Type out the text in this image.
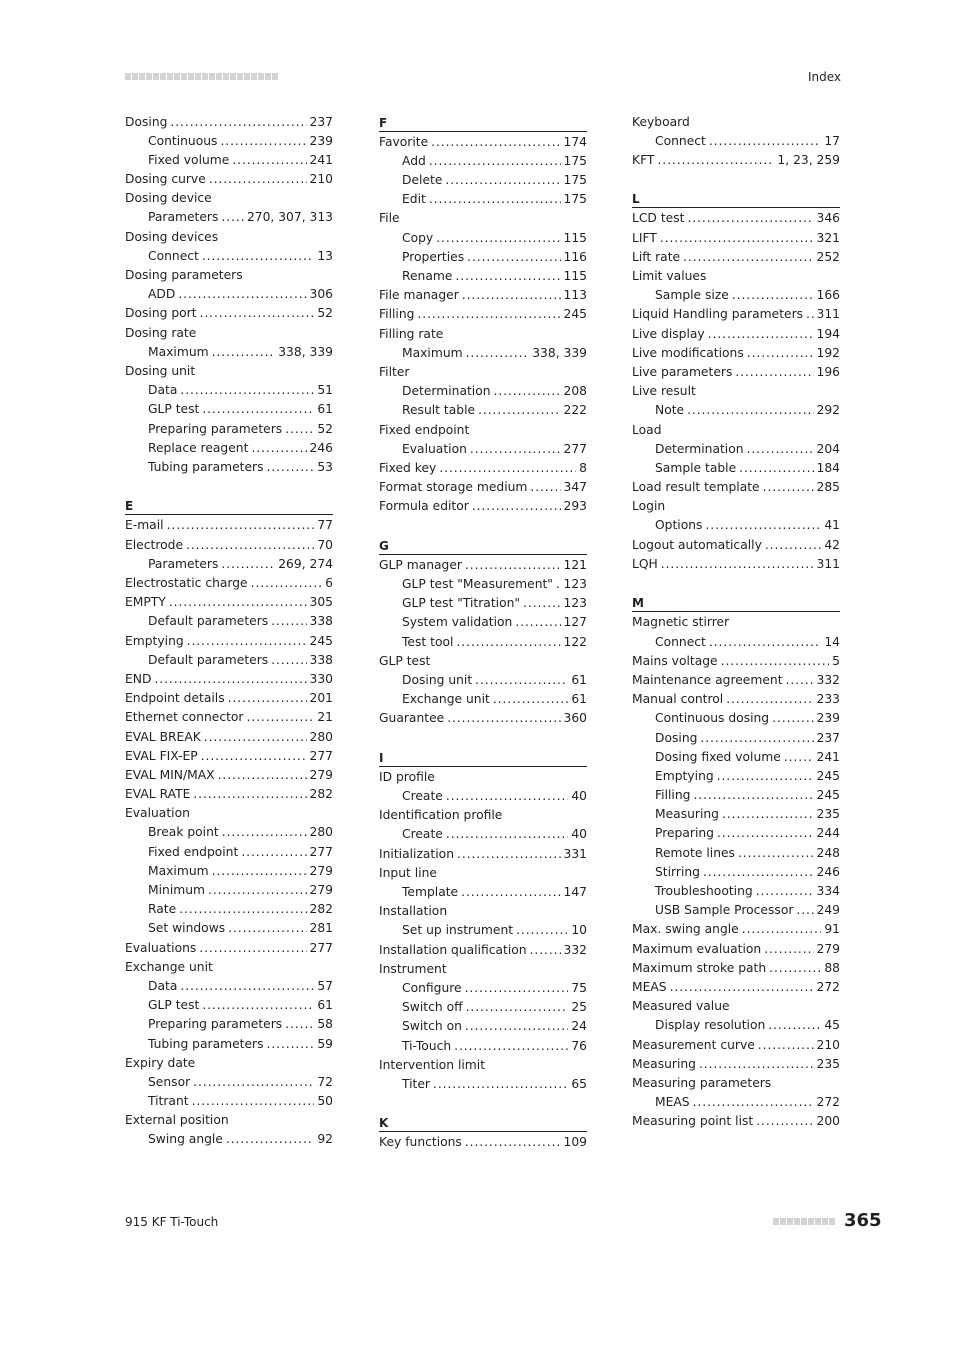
Index
Dosing . . .	237
Continuous . . .	239
Fixed volume . . .	241
Dosing curve . . .	210
Dosing device
Parameters . . . 270, 307, 313
Dosing devices
Connect . . .	13
Dosing parameters
ADD . . .	306
Dosing port . . .	52
Dosing rate
Maximum . . .	338, 339
Dosing unit
Data . . .	51
GLP test . . .	61
Preparing parameters . . .	52
Replace reagent . . .	246
Tubing parameters . . .	53
E
E-mail . . .	77
Electrode . . .	70
Parameters . . .	269, 274
Electrostatic charge . . .	6
EMPTY . . .	305
Default parameters . . .	338
Emptying . . .	245
Default parameters . . .	338
END . . .	330
Endpoint details . . .	201
Ethernet connector . . .	21
EVAL BREAK . . .	280
EVAL FIX-EP . . .	277
EVAL MIN/MAX . . .	279
EVAL RATE . . .	282
Evaluation
Break point . . .	280
Fixed endpoint . . .	277
Maximum . . .	279
Minimum . . .	279
Rate . . .	282
Set windows . . .	281
Evaluations . . .	277
Exchange unit
Data . . .	57
GLP test . . .	61
Preparing parameters . . .	58
Tubing parameters . . .	59
Expiry date
Sensor . . .	72
Titrant . . .	50
External position
Swing angle . . .	92
F
Favorite . . .	174
Add . . .	175
Delete . . .	175
Edit . . .	175
File
Copy . . .	115
Properties . . .	116
Rename . . .	115
File manager . . .	113
Filling . . .	245
Filling rate
Maximum . . .	338, 339
Filter
Determination . . .	208
Result table . . .	222
Fixed endpoint
Evaluation . . .	277
Fixed key . . .	8
Format storage medium . . .	347
Formula editor . . .	293
G
GLP manager . . .	121
GLP test "Measurement" . . . 123
GLP test "Titration" . . .	123
System validation . . .	127
Test tool . . .	122
GLP test
Dosing unit . . .	61
Exchange unit . . .	61
Guarantee . . .	360
I
ID profile
Create . . .	40
Identification profile
Create . . .	40
Initialization . . .	331
Input line
Template . . .	147
Installation
Set up instrument . . .	10
Installation qualification . . .	332
Instrument
Configure . . .	75
Switch off . . .	25
Switch on . . .	24
Ti-Touch . . .	76
Intervention limit
Titer . . .	65
K
Key functions . . .	109
Keyboard
Connect . . .	17
KFT . . .	1, 23, 259
L
LCD test . . .	346
LIFT . . .	321
Lift rate . . .	252
Limit values
Sample size . . .	166
Liquid Handling parameters . . . 311
Live display . . .	194
Live modifications . . .	192
Live parameters . . .	196
Live result
Note . . .	292
Load
Determination . . .	204
Sample table . . .	184
Load result template . . .	285
Login
Options . . .	41
Logout automatically . . .	42
LQH . . .	311
M
Magnetic stirrer
Connect . . .	14
Mains voltage . . .	5
Maintenance agreement . . .	332
Manual control . . .	233
Continuous dosing . . .	239
Dosing . . .	237
Dosing fixed volume . . .	241
Emptying . . .	245
Filling . . .	245
Measuring . . .	235
Preparing . . .	244
Remote lines . . .	248
Stirring . . .	246
Troubleshooting . . .	334
USB Sample Processor . . . 249
Max. swing angle . . .	91
Maximum evaluation . . .	279
Maximum stroke path . . .	88
MEAS . . .	272
Measured value
Display resolution . . .	45
Measurement curve . . .	210
Measuring . . .	235
Measuring parameters
MEAS . . .	272
Measuring point list . . .	200
915 KF Ti-Touch	365
